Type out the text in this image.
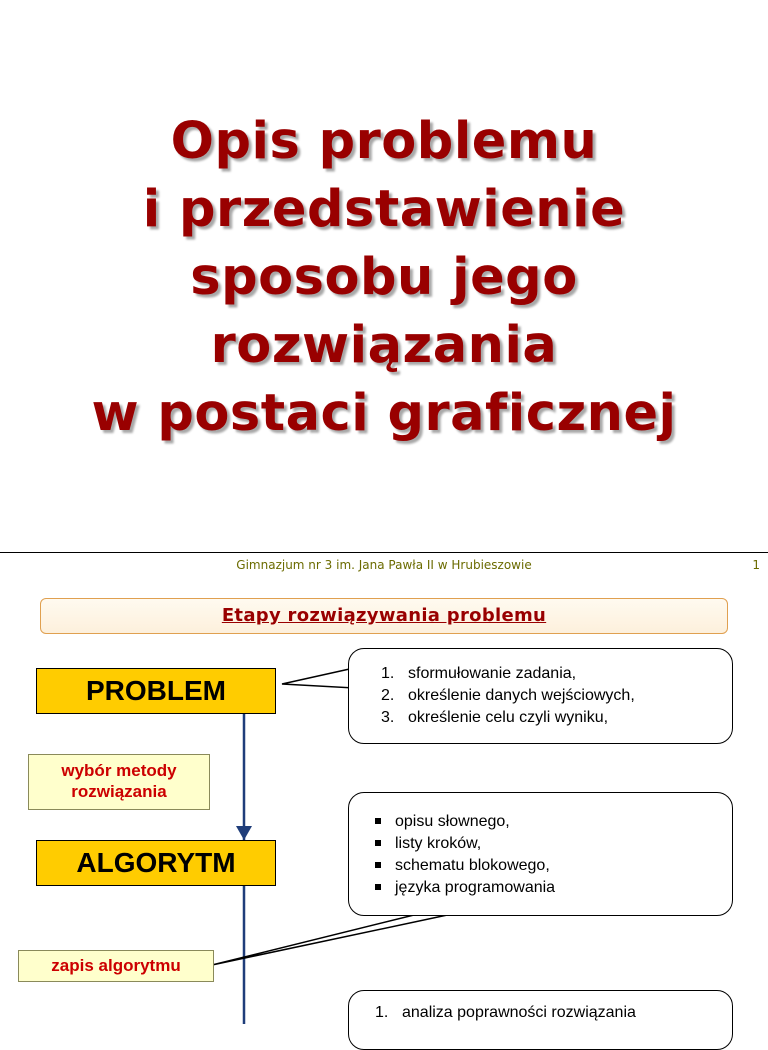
Opis problemu
i przedstawienie
sposobu jego
rozwiązania
w postaci graficznej
Gimnazjum nr 3 im. Jana Pawła II w Hrubieszowie	1
Etapy rozwiązywania problemu
PROBLEM
wybór metody
rozwiązania
ALGORYTM
zapis algorytmu
1. sformułowanie zadania,
2. określenie danych wejściowych,
3. określenie celu czyli wyniku,
opisu słownego,
listy kroków,
schematu blokowego,
języka programowania
1. analiza poprawności rozwiązania
